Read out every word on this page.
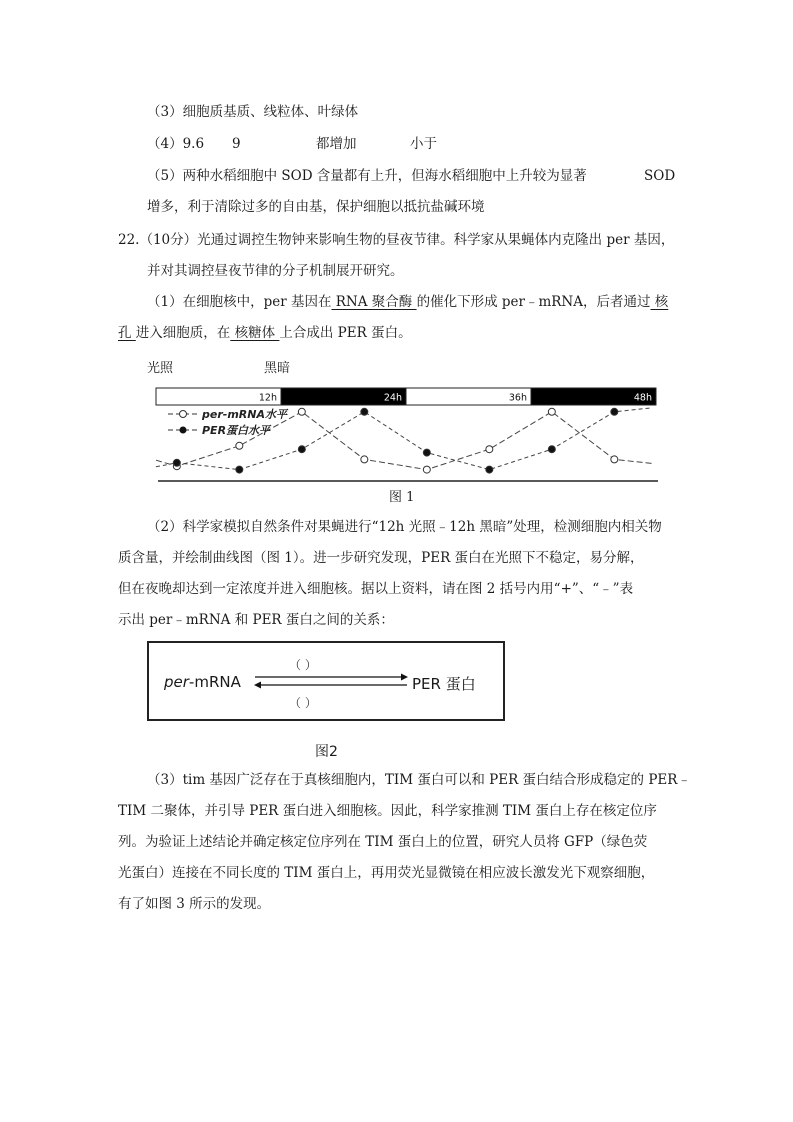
（3）细胞质基质、线粒体、叶绿体
（4）9.6 9	都增加	小于
（5）两种水稻细胞中 SOD 含量都有上升，但海水稻细胞中上升较为显著	SOD
增多，利于清除过多的自由基，保护细胞以抵抗盐碱环境
22.（10分）光通过调控生物钟来影响生物的昼夜节律。科学家从果蝇体内克隆出 per 基因，
并对其调控昼夜节律的分子机制展开研究。
（1）在细胞核中，per 基因在 RNA 聚合酶 的催化下形成 per﹣mRNA，后者通过 核
孔 进入细胞质，在 核糖体 上合成出 PER 蛋白。
光照	黑暗
12h	24h	36h	48h
per-mRNA水平
PER蛋白水平
图 1
（2）科学家模拟自然条件对果蝇进行“12h 光照﹣12h 黑暗”处理，检测细胞内相关物
质含量，并绘制曲线图（图 1）。进一步研究发现，PER 蛋白在光照下不稳定，易分解，
但在夜晚却达到一定浓度并进入细胞核。据以上资料，请在图 2 括号内用“+”、“﹣”表
示出 per﹣mRNA 和 PER 蛋白之间的关系：
per-mRNA	PER 蛋白
（ ）
（ ）
图2
（3）tim 基因广泛存在于真核细胞内，TIM 蛋白可以和 PER 蛋白结合形成稳定的 PER﹣
TIM 二聚体，并引导 PER 蛋白进入细胞核。因此，科学家推测 TIM 蛋白上存在核定位序
列。为验证上述结论并确定核定位序列在 TIM 蛋白上的位置，研究人员将 GFP（绿色荧
光蛋白）连接在不同长度的 TIM 蛋白上，再用荧光显微镜在相应波长激发光下观察细胞，
有了如图 3 所示的发现。
